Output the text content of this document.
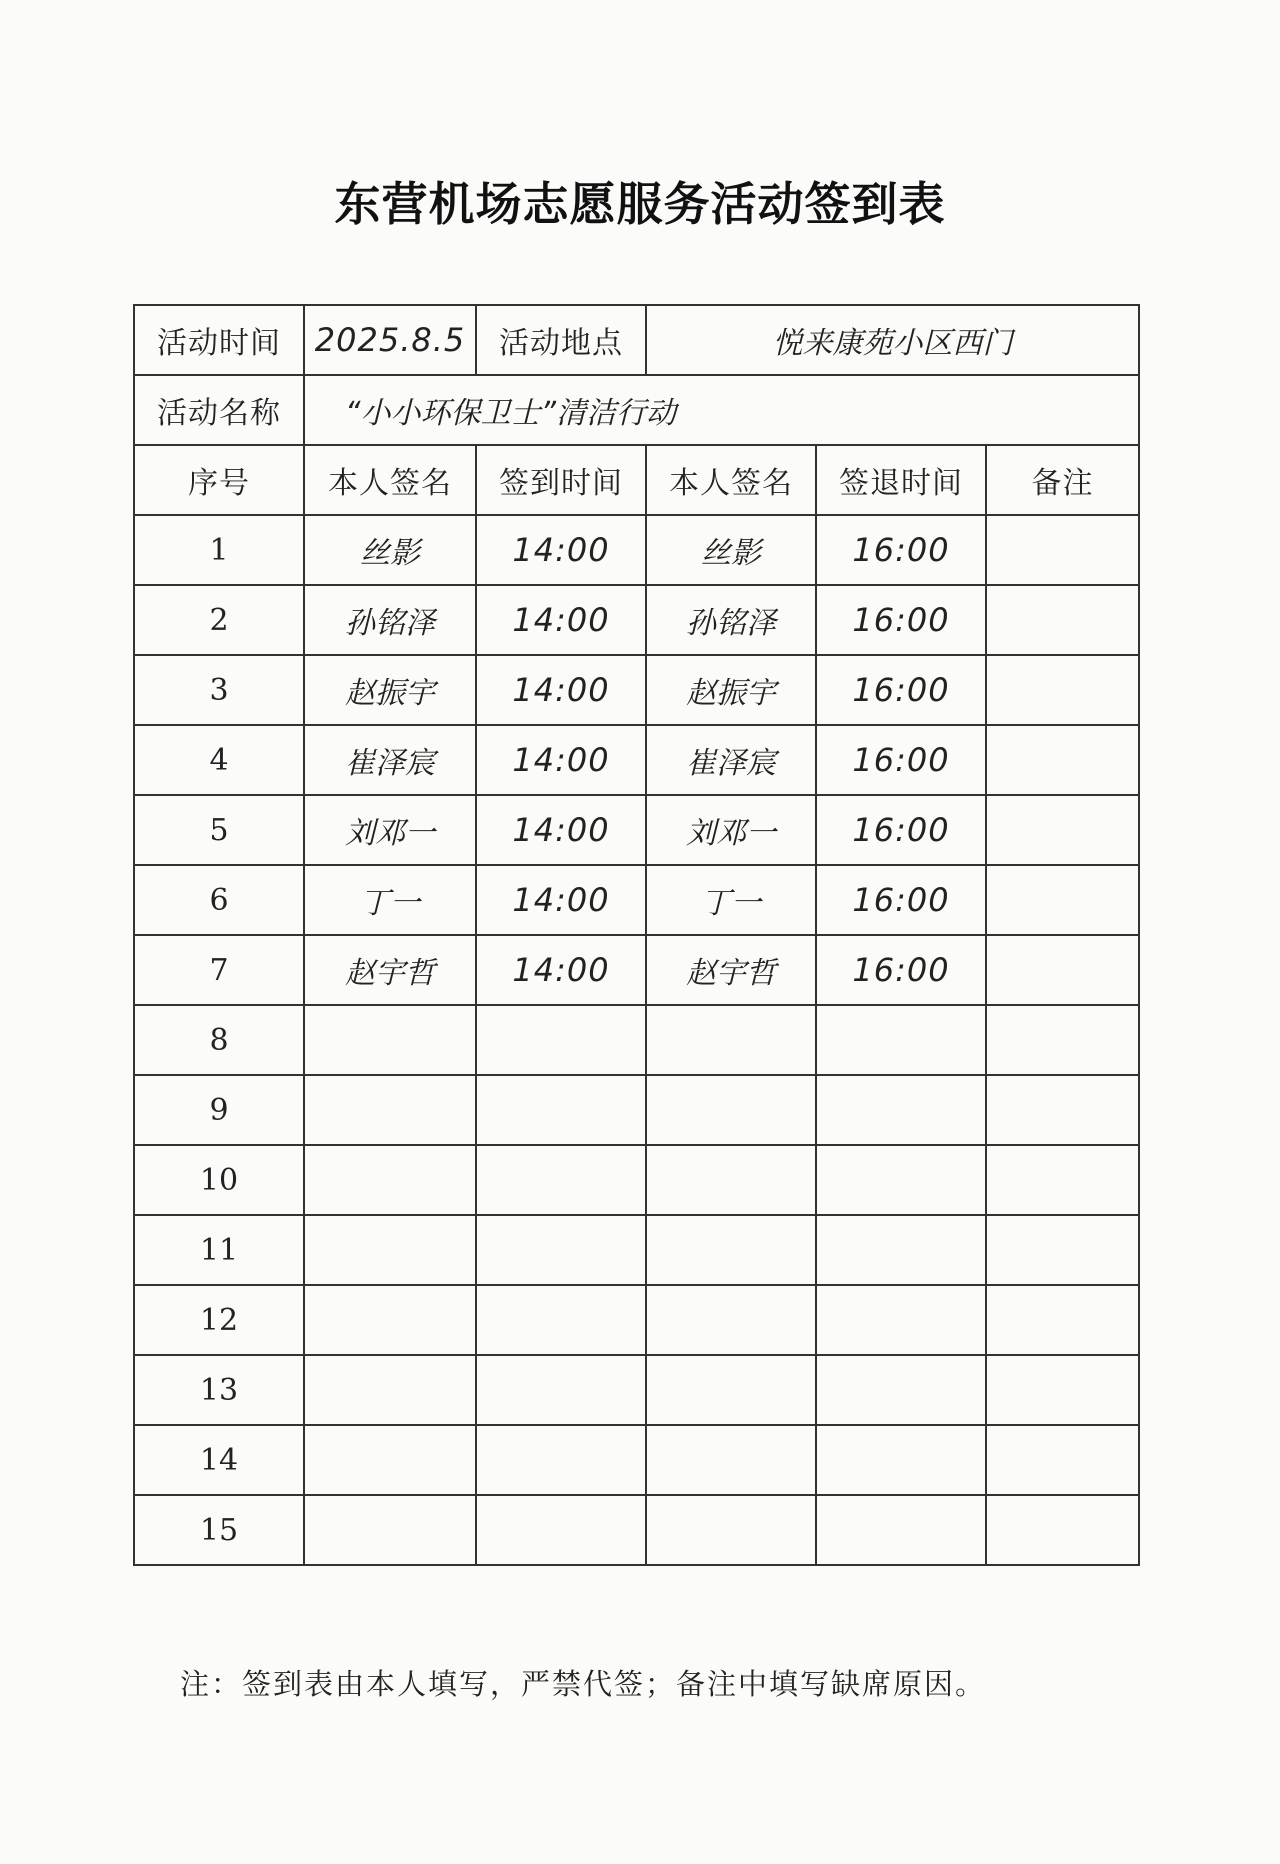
东营机场志愿服务活动签到表
活动时间	2025.8.5	活动地点	悦来康苑小区西门		
活动名称	“小小环保卫士”清洁行动				
序号	本人签名	签到时间	本人签名	签退时间	备注
1	丝影	14:00	丝影	16:00	
2	孙铭泽	14:00	孙铭泽	16:00	
3	赵振宇	14:00	赵振宇	16:00	
4	崔泽宸	14:00	崔泽宸	16:00	
5	刘邓一	14:00	刘邓一	16:00	
6	丁一	14:00	丁一	16:00	
7	赵宇哲	14:00	赵宇哲	16:00	
8					
9					
10					
11					
12					
13					
14					
15					
注：签到表由本人填写，严禁代签；备注中填写缺席原因。
